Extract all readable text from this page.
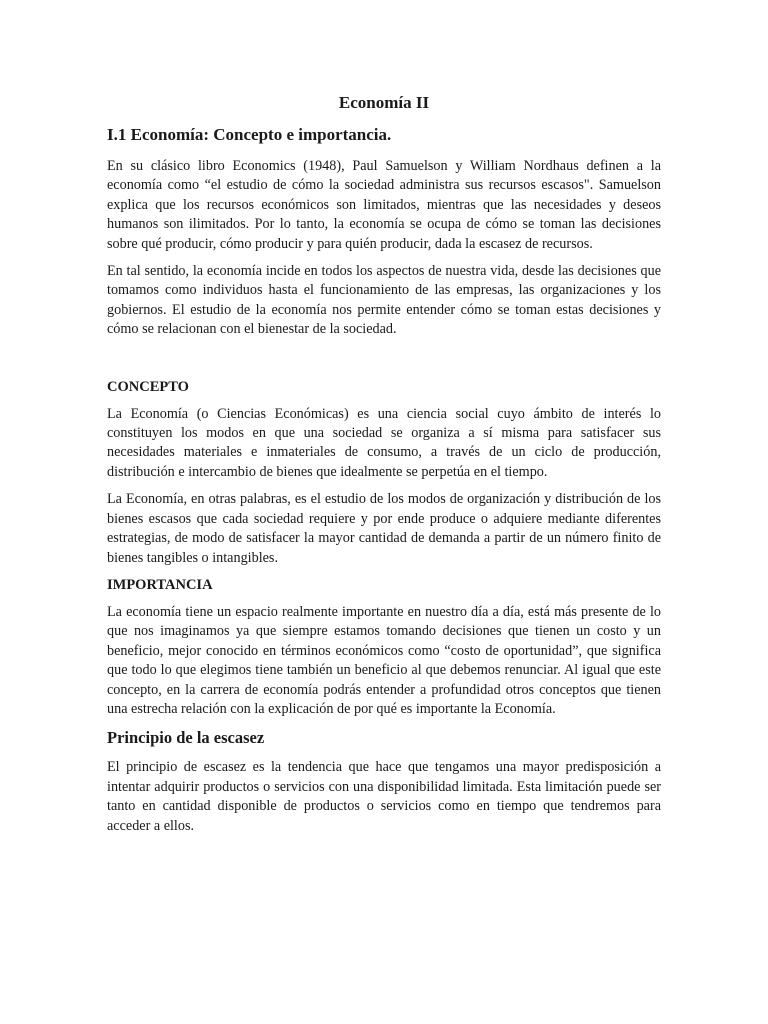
Economía II
I.1 Economía: Concepto e importancia.

En su clásico libro Economics (1948), Paul Samuelson y William Nordhaus definen a la economía como “el estudio de cómo la sociedad administra sus recursos escasos". Samuelson explica que los recursos económicos son limitados, mientras que las necesidades y deseos humanos son ilimitados. Por lo tanto, la economía se ocupa de cómo se toman las decisiones sobre qué producir, cómo producir y para quién producir, dada la escasez de recursos.

En tal sentido, la economía incide en todos los aspectos de nuestra vida, desde las decisiones que tomamos como individuos hasta el funcionamiento de las empresas, las organizaciones y los gobiernos. El estudio de la economía nos permite entender cómo se toman estas decisiones y cómo se relacionan con el bienestar de la sociedad.

CONCEPTO

La Economía (o Ciencias Económicas) es una ciencia social cuyo ámbito de interés lo constituyen los modos en que una sociedad se organiza a sí misma para satisfacer sus necesidades materiales e inmateriales de consumo, a través de un ciclo de producción, distribución e intercambio de bienes que idealmente se perpetúa en el tiempo.

La Economía, en otras palabras, es el estudio de los modos de organización y distribución de los bienes escasos que cada sociedad requiere y por ende produce o adquiere mediante diferentes estrategias, de modo de satisfacer la mayor cantidad de demanda a partir de un número finito de bienes tangibles o intangibles.

IMPORTANCIA

La economía tiene un espacio realmente importante en nuestro día a día, está más presente de lo que nos imaginamos ya que siempre estamos tomando decisiones que tienen un costo y un beneficio, mejor conocido en términos económicos como “costo de oportunidad”, que significa que todo lo que elegimos tiene también un beneficio al que debemos renunciar. Al igual que este concepto, en la carrera de economía podrás entender a profundidad otros conceptos que tienen una estrecha relación con la explicación de por qué es importante la Economía.

Principio de la escasez

El principio de escasez es la tendencia que hace que tengamos una mayor predisposición a intentar adquirir productos o servicios con una disponibilidad limitada. Esta limitación puede ser tanto en cantidad disponible de productos o servicios como en tiempo que tendremos para acceder a ellos.
